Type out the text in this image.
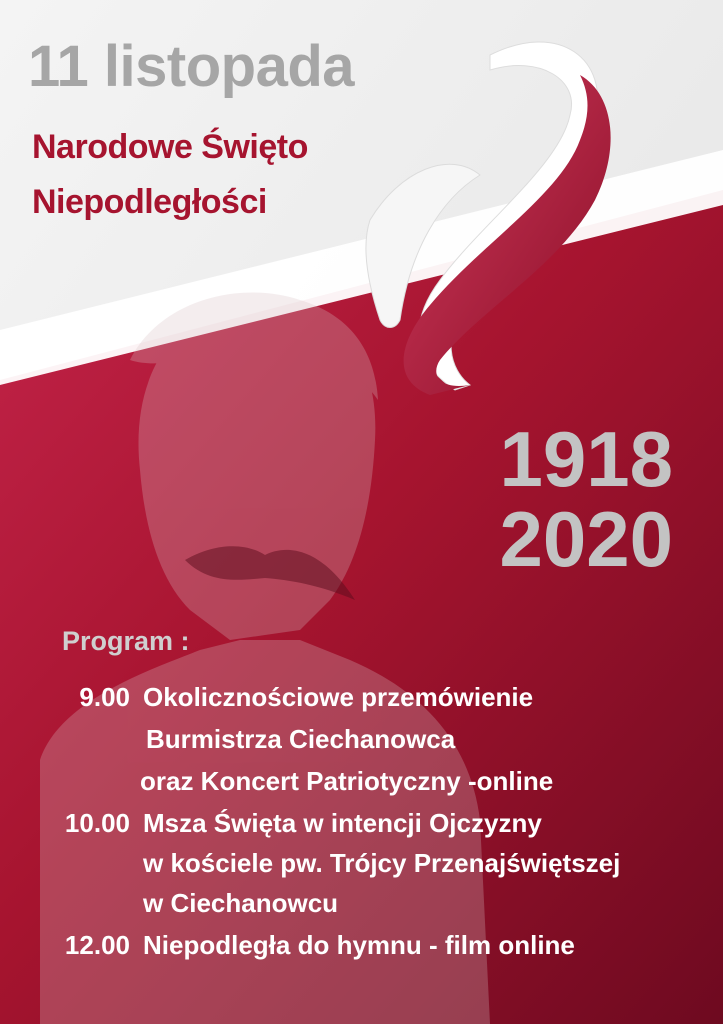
11 listopada
Narodowe Święto
Niepodległości
1918
2020
Program :
9.00 Okolicznościowe przemówienie
Burmistrza Ciechanowca
oraz Koncert Patriotyczny -online
10.00 Msza Święta w intencji Ojczyzny
w kościele pw. Trójcy Przenajświętszej
w Ciechanowcu
12.00 Niepodległa do hymnu - film online
